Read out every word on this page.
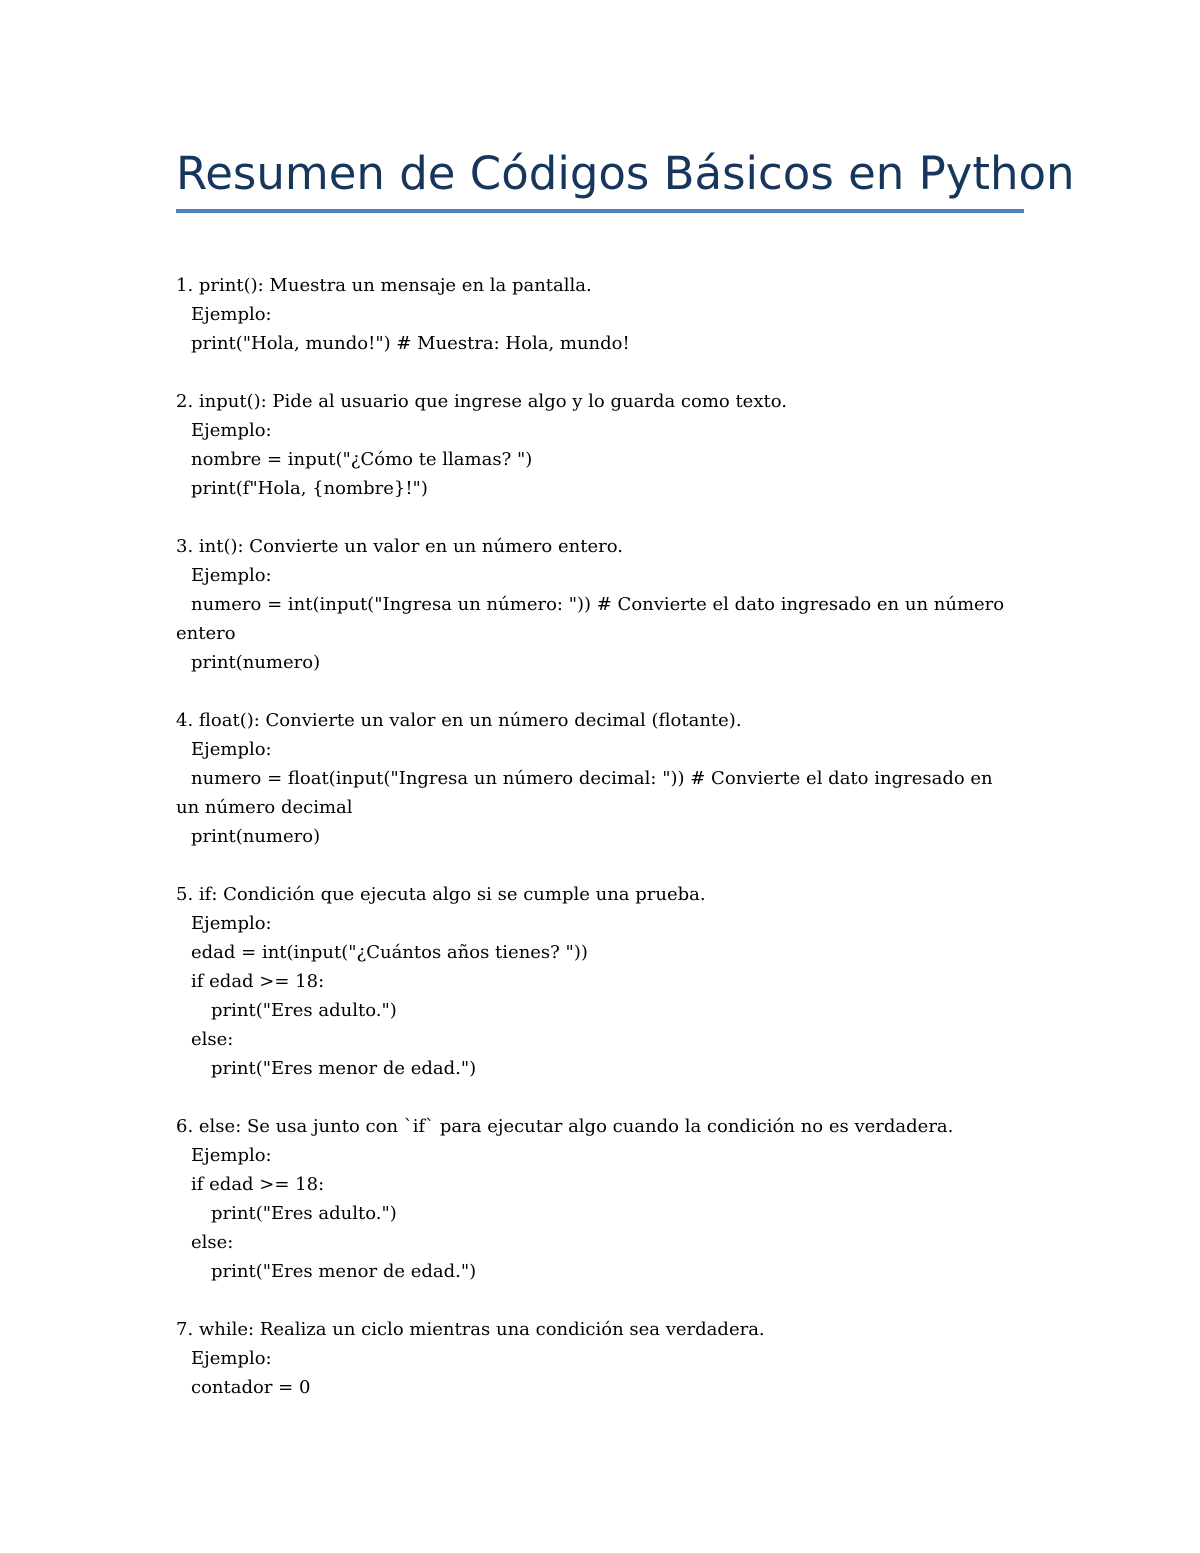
Resumen de Códigos Básicos en Python
1. print(): Muestra un mensaje en la pantalla.
Ejemplo:
print("Hola, mundo!") # Muestra: Hola, mundo!
2. input(): Pide al usuario que ingrese algo y lo guarda como texto.
Ejemplo:
nombre = input("¿Cómo te llamas? ")
print(f"Hola, {nombre}!")
3. int(): Convierte un valor en un número entero.
Ejemplo:
numero = int(input("Ingresa un número: ")) # Convierte el dato ingresado en un número
entero
print(numero)
4. float(): Convierte un valor en un número decimal (flotante).
Ejemplo:
numero = float(input("Ingresa un número decimal: ")) # Convierte el dato ingresado en
un número decimal
print(numero)
5. if: Condición que ejecuta algo si se cumple una prueba.
Ejemplo:
edad = int(input("¿Cuántos años tienes? "))
if edad >= 18:
print("Eres adulto.")
else:
print("Eres menor de edad.")
6. else: Se usa junto con `if` para ejecutar algo cuando la condición no es verdadera.
Ejemplo:
if edad >= 18:
print("Eres adulto.")
else:
print("Eres menor de edad.")
7. while: Realiza un ciclo mientras una condición sea verdadera.
Ejemplo:
contador = 0
